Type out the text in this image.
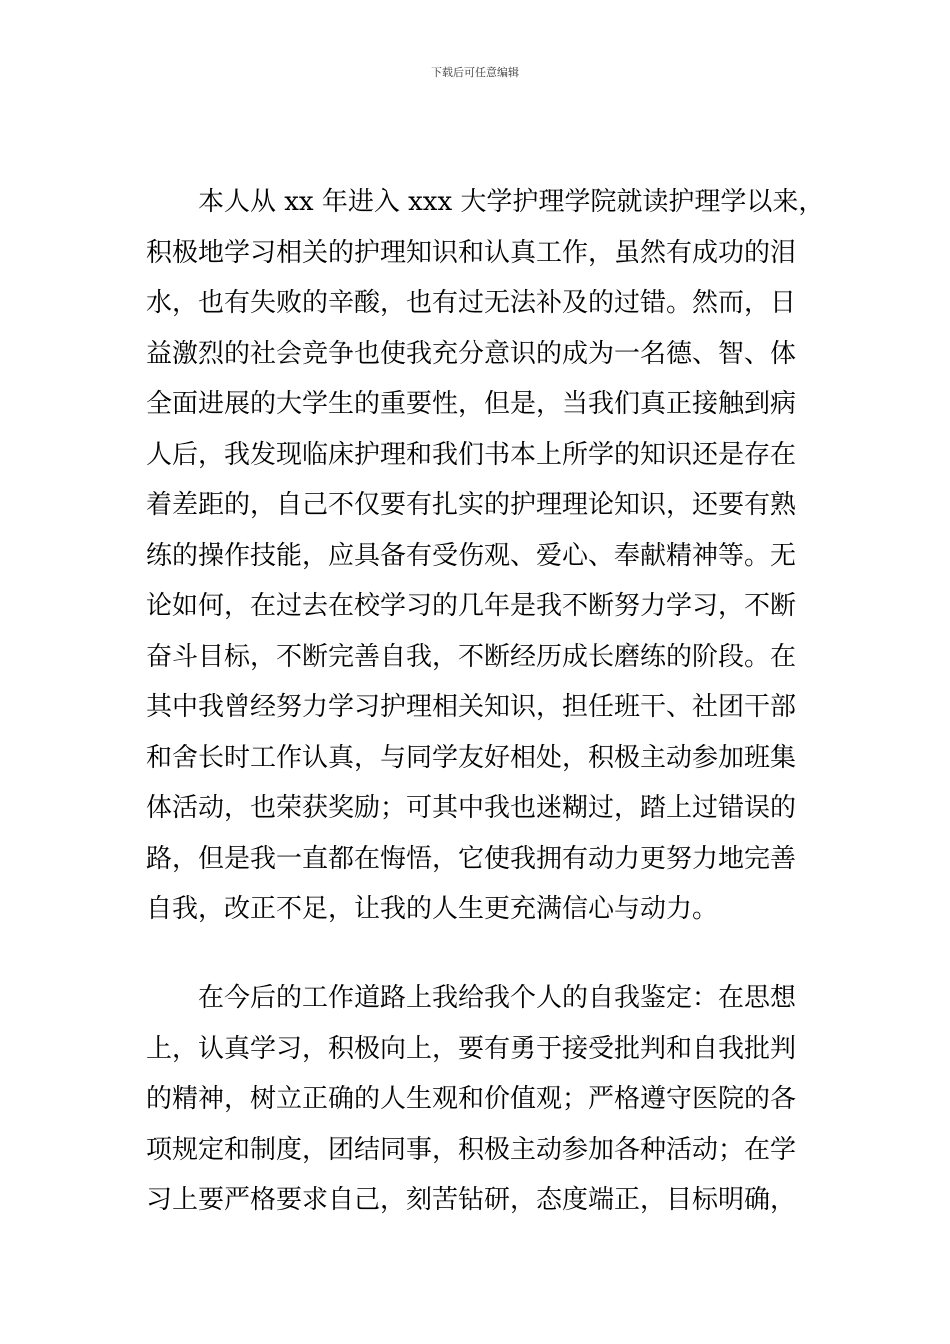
下载后可任意编辑
本人从 xx 年进入 xxx 大学护理学院就读护理学以来，
积极地学习相关的护理知识和认真工作，虽然有成功的泪
水，也有失败的辛酸，也有过无法补及的过错。然而，日
益激烈的社会竞争也使我充分意识的成为一名德、智、体
全面进展的大学生的重要性，但是，当我们真正接触到病
人后，我发现临床护理和我们书本上所学的知识还是存在
着差距的，自己不仅要有扎实的护理理论知识，还要有熟
练的操作技能，应具备有受伤观、爱心、奉献精神等。无
论如何，在过去在校学习的几年是我不断努力学习，不断
奋斗目标，不断完善自我，不断经历成长磨练的阶段。在
其中我曾经努力学习护理相关知识，担任班干、社团干部
和舍长时工作认真，与同学友好相处，积极主动参加班集
体活动，也荣获奖励；可其中我也迷糊过，踏上过错误的
路，但是我一直都在悔悟，它使我拥有动力更努力地完善
自我，改正不足，让我的人生更充满信心与动力。
在今后的工作道路上我给我个人的自我鉴定：在思想
上，认真学习，积极向上，要有勇于接受批判和自我批判
的精神，树立正确的人生观和价值观；严格遵守医院的各
项规定和制度，团结同事，积极主动参加各种活动；在学
习上要严格要求自己，刻苦钻研，态度端正，目标明确，
